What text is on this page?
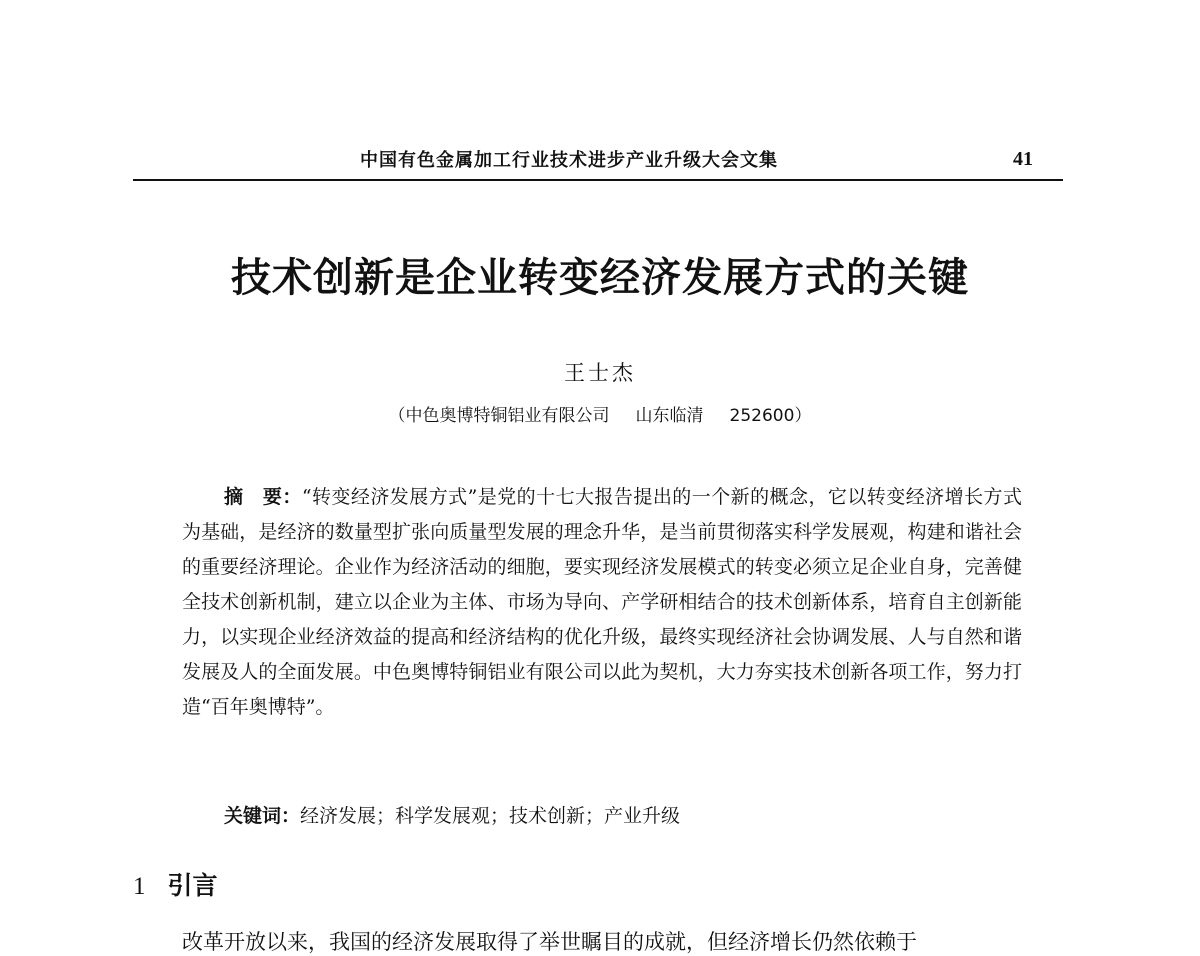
中国有色金属加工行业技术进步产业升级大会文集	41
技术创新是企业转变经济发展方式的关键
王士杰
（中色奥博特铜铝业有限公司 山东临清 252600）

摘　要：“转变经济发展方式”是党的十七大报告提出的一个新的概念，它以转变经济增长方式为基础，是经济的数量型扩张向质量型发展的理念升华，是当前贯彻落实科学发展观，构建和谐社会的重要经济理论。企业作为经济活动的细胞，要实现经济发展模式的转变必须立足企业自身，完善健全技术创新机制，建立以企业为主体、市场为导向、产学研相结合的技术创新体系，培育自主创新能力，以实现企业经济效益的提高和经济结构的优化升级，最终实现经济社会协调发展、人与自然和谐发展及人的全面发展。中色奥博特铜铝业有限公司以此为契机，大力夯实技术创新各项工作，努力打造“百年奥博特”。

关键词：经济发展；科学发展观；技术创新；产业升级
1 引言
改革开放以来，我国的经济发展取得了举世瞩目的成就，但经济增长仍然依赖于
